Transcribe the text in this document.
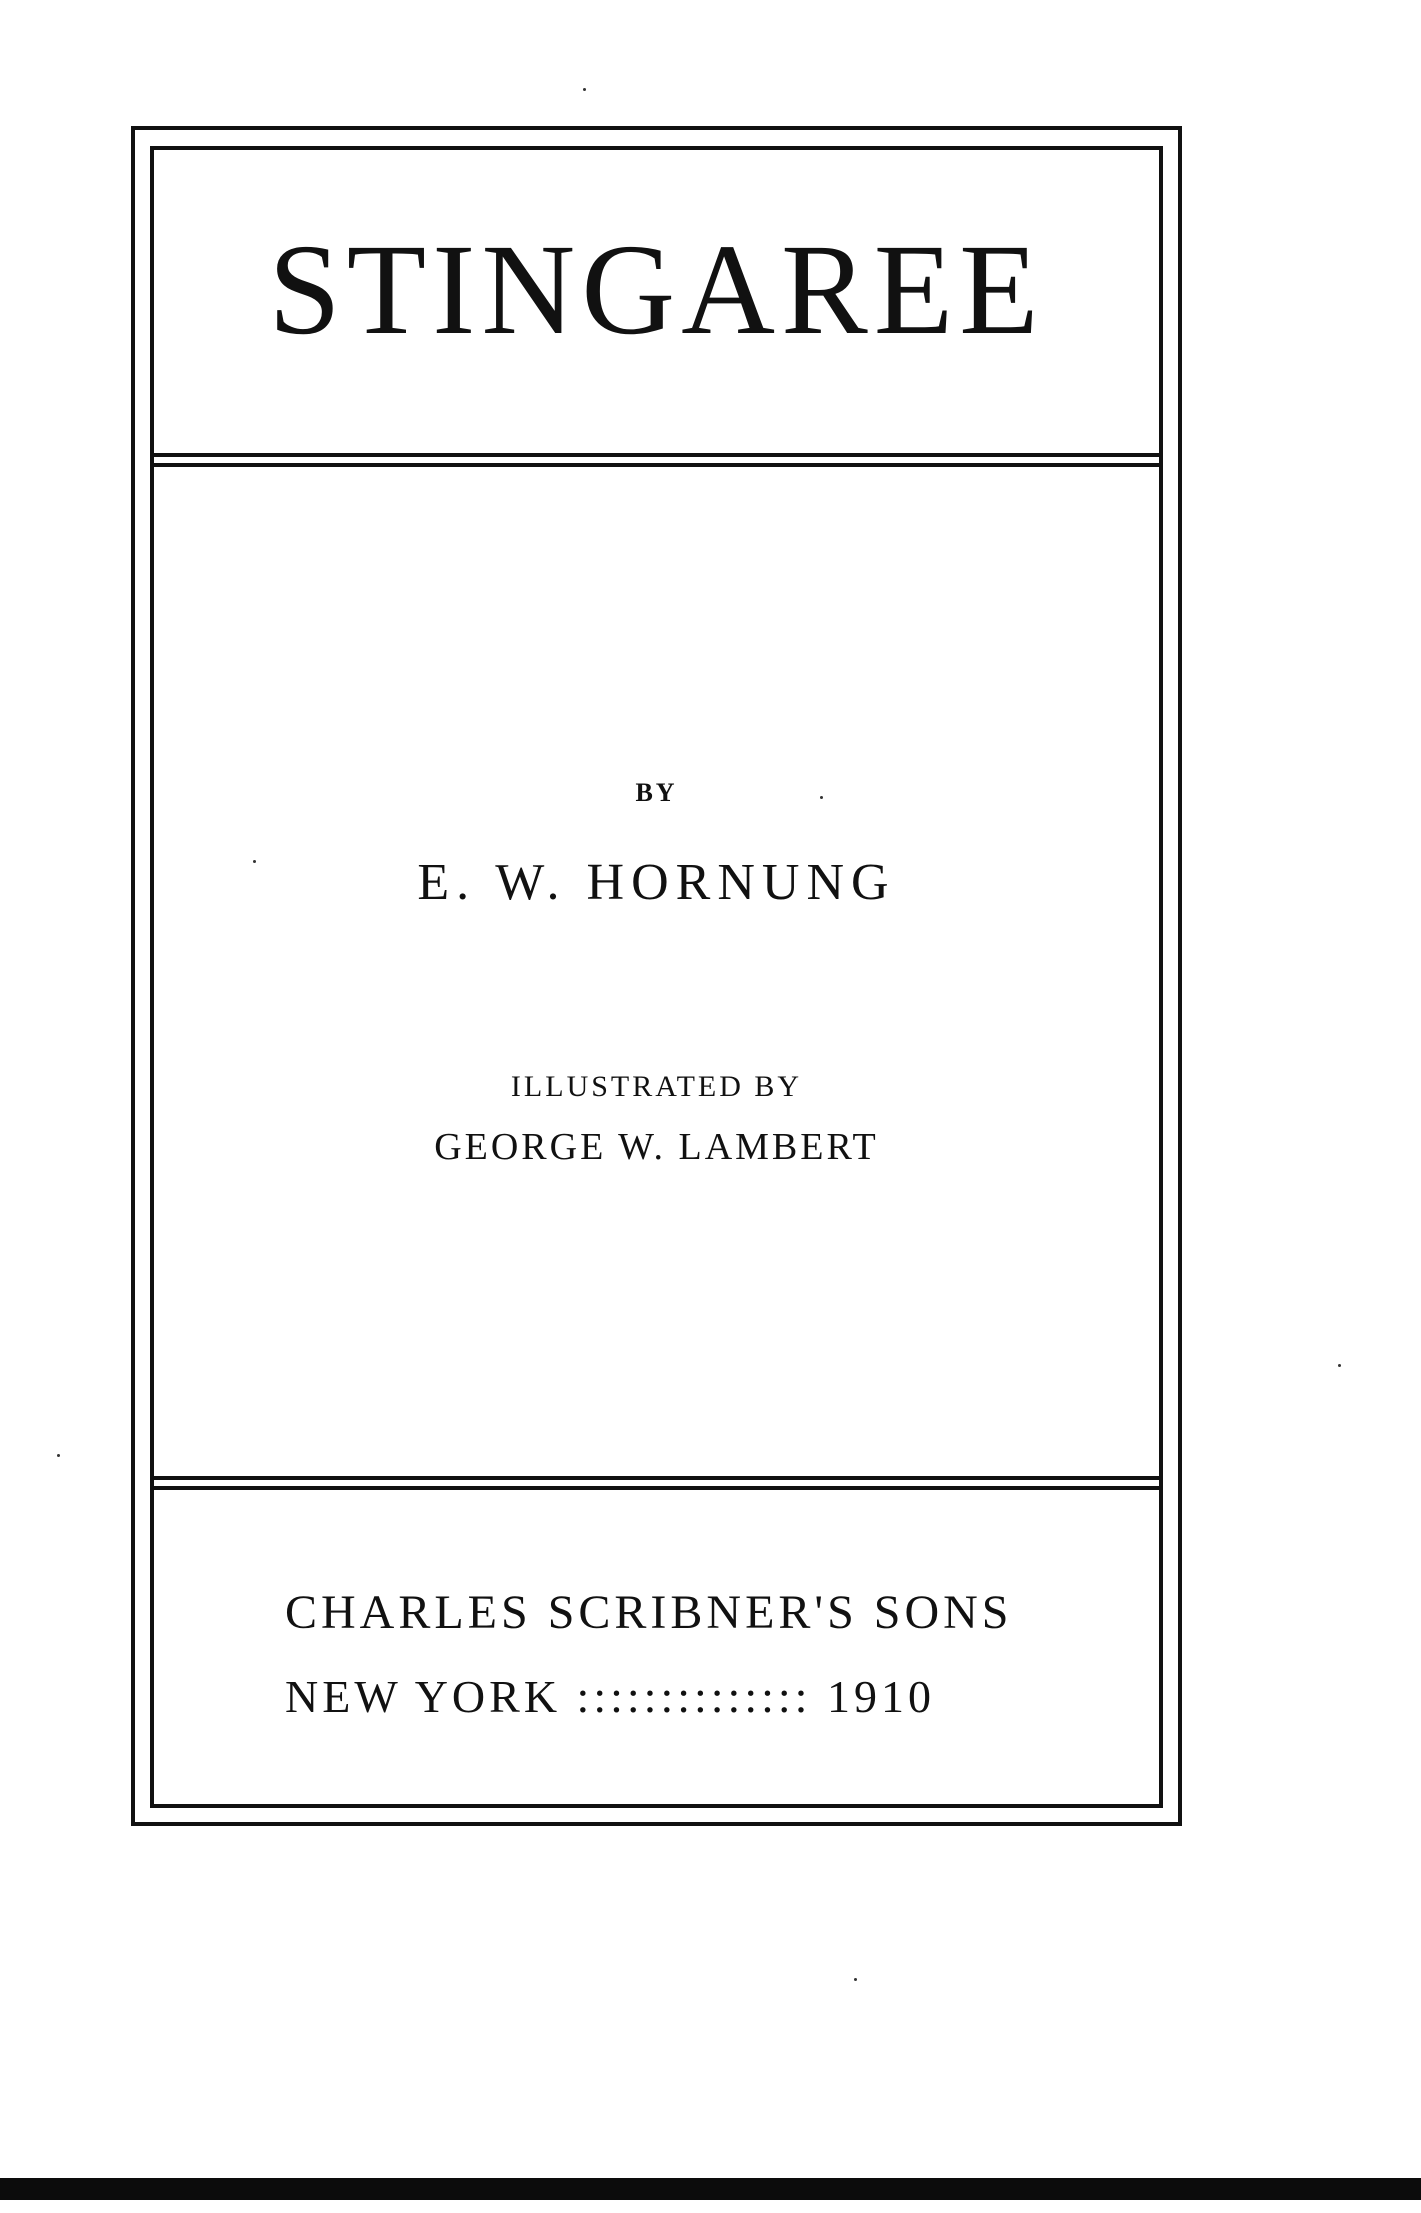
STINGAREE
BY
E. W. HORNUNG
ILLUSTRATED BY
GEORGE W. LAMBERT
CHARLES SCRIBNER'S SONS
NEW YORK :::::::::::::: 1910
